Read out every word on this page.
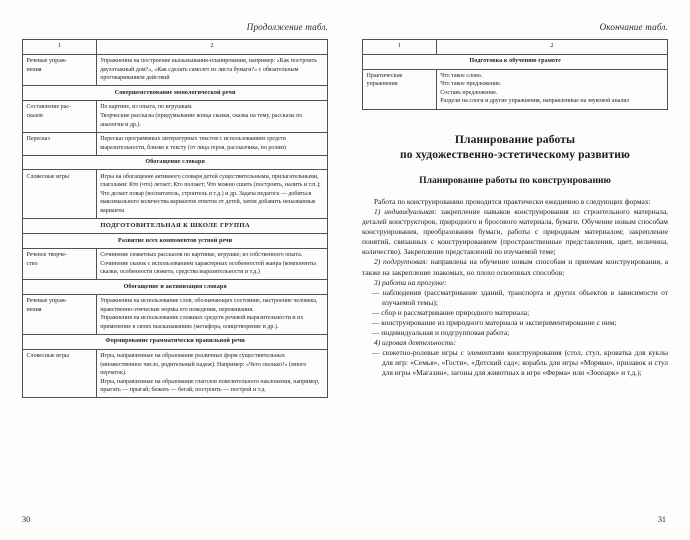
Продолжение табл.
1	2
Речевые упраж-
нения	Упражнения на построение высказывания-планирования, например: «Как построить двухэтажный дом?», «Как сделать самолет из листа бумаги?» с обязательным проговариванием действий

Совершенствование монологической речи	
Составление рас-
сказов	По картине, из опыта, по игрушкам.
Творческие рассказы (придумывание конца сказки, сказка на тему, рассказы по аналогии и др.).

Пересказ	Пересказ программных литературных текстов с использованием средств выразительности, близко к тексту (от лица героя, рассказчика, по ролям)

Обогащение словаря	
Словесные игры	Игры на обогащение активного словаря детей существительными, прилагательными, глаголами: Кто (что) летает; Кто ползает; Что можно сшить (построить, налить и т.п.); Что делает повар (воспитатель, строитель и т.д.) и др. Задача педагога — добиться максимального количества вариантов ответов от детей, затем добавить неназванные варианты

ПОДГОТОВИТЕЛЬНАЯ К ШКОЛЕ ГРУППА	
Развитие всех компонентов устной речи	
Речевое творче-
ство	Сочинение сюжетных рассказов по картинке, игрушке; из собственного опыта.
Сочинение сказок с использованием характерных особенностей жанра (компоненты сказки, особенности сюжета, средства выразительности и т.д.)

Обогащение и активизация словаря	
Речевые упраж-
нения	Упражнения на использование слов, обозначающих состояние, настроение человека, нравственно-этические нормы его поведения, переживания.
Упражнения на использование сложных средств речевой выразительности и их применение в своих высказываниях (метафора, олицетворение и др.).

Формирование грамматически правильной речи	
Словесные игры	Игры, направленные на образование различных форм существительных (множественное число, родительный падеж). Например: «Чего сколько?» (много перчаток).
Игры, направленные на образование глаголов повелительного наклонения, например, прыгать — прыгай; бежать — бегай; построить — построй и т.д.
30
Окончание табл.
1	2
Подготовка к обучению грамоте	
Практические
упражнения	Что такое слово.
Что такое предложение.
Составь предложение.
Раздели на слоги и другие упражнения, направленные на звуковой анализ
Планирование работы
по художественно-эстетическому развитию
Планирование работы по конструированию

Работа по конструированию проводится практически ежедневно в следующих формах:

1) индивидуальная: закрепление навыков конструирования из строительного материала, деталей конструкторов, природного и бросового материала, бумаги. Обучение новым способам конструирования, преобразования бумаги, работы с природным материалом; закрепление понятий, связанных с конструированием (пространственные представления, цвет, величина, количество). Закрепление представлений по изучаемой теме;

2) подгрупповая: направлена на обучение новым способам и приемам конструирования, а также на закрепление знакомых, но плохо освоенных способов;

3) работа на прогулке:

— наблюдения (рассматривание зданий, транспорта и других объектов в зависимости от изучаемой темы);

— сбор и рассматривание природного материала;

— конструирование из природного материала и экспериментирование с ним;

— индивидуальная и подгрупповая работа;

4) игровая деятельность:

— сюжетно-ролевые игры с элементами конструирования (стол, стул, кроватка для куклы для игр: «Семья», «Гости», «Детский сад»; корабль для игры «Моряки», прилавок и стул для игры «Магазин», загоны для животных в игре «Ферма» или «Зоопарк» и т.д.);

31
